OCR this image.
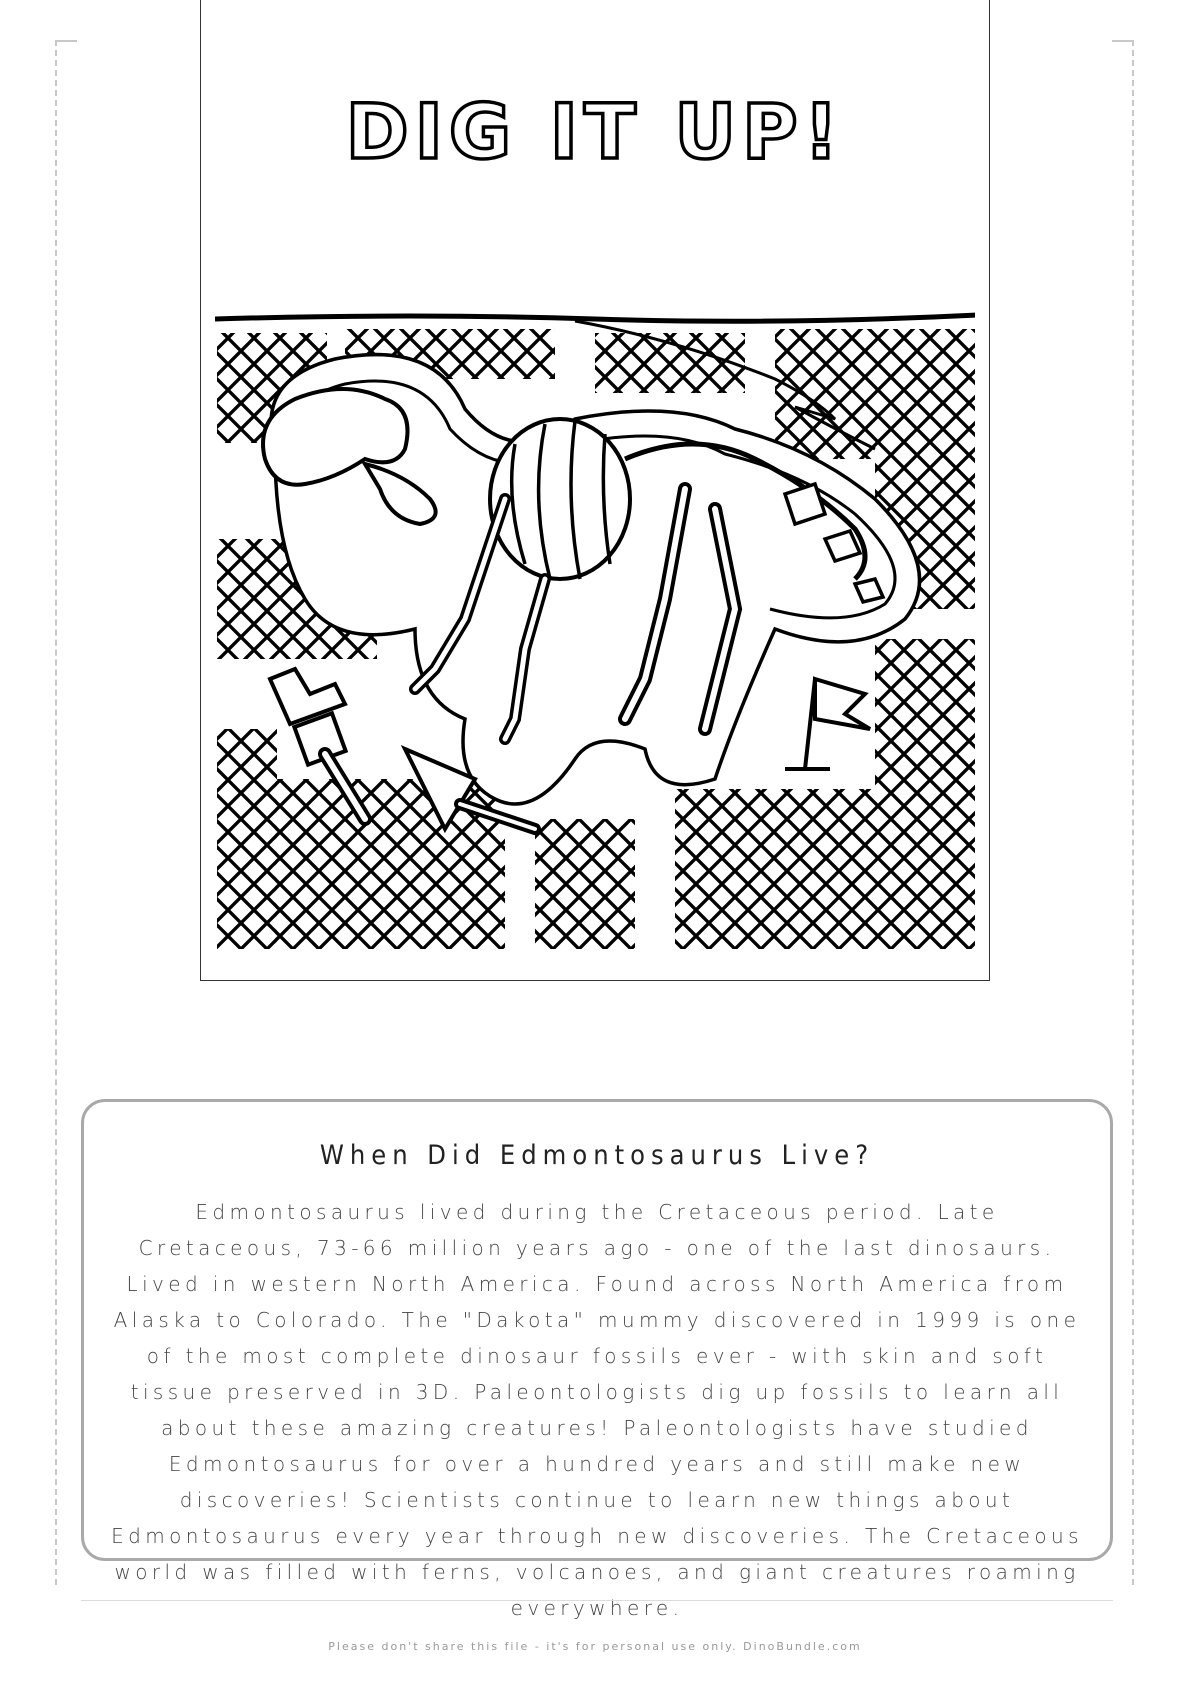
DIG IT UP!
When Did Edmontosaurus Live?
Edmontosaurus lived during the Cretaceous period. Late Cretaceous, 73-66 million years ago - one of the last dinosaurs. Lived in western North America. Found across North America from Alaska to Colorado. The "Dakota" mummy discovered in 1999 is one of the most complete dinosaur fossils ever - with skin and soft tissue preserved in 3D. Paleontologists dig up fossils to learn all about these amazing creatures! Paleontologists have studied Edmontosaurus for over a hundred years and still make new discoveries! Scientists continue to learn new things about Edmontosaurus every year through new discoveries. The Cretaceous world was filled with ferns, volcanoes, and giant creatures roaming everywhere.
Please don't share this file - it's for personal use only. DinoBundle.com
